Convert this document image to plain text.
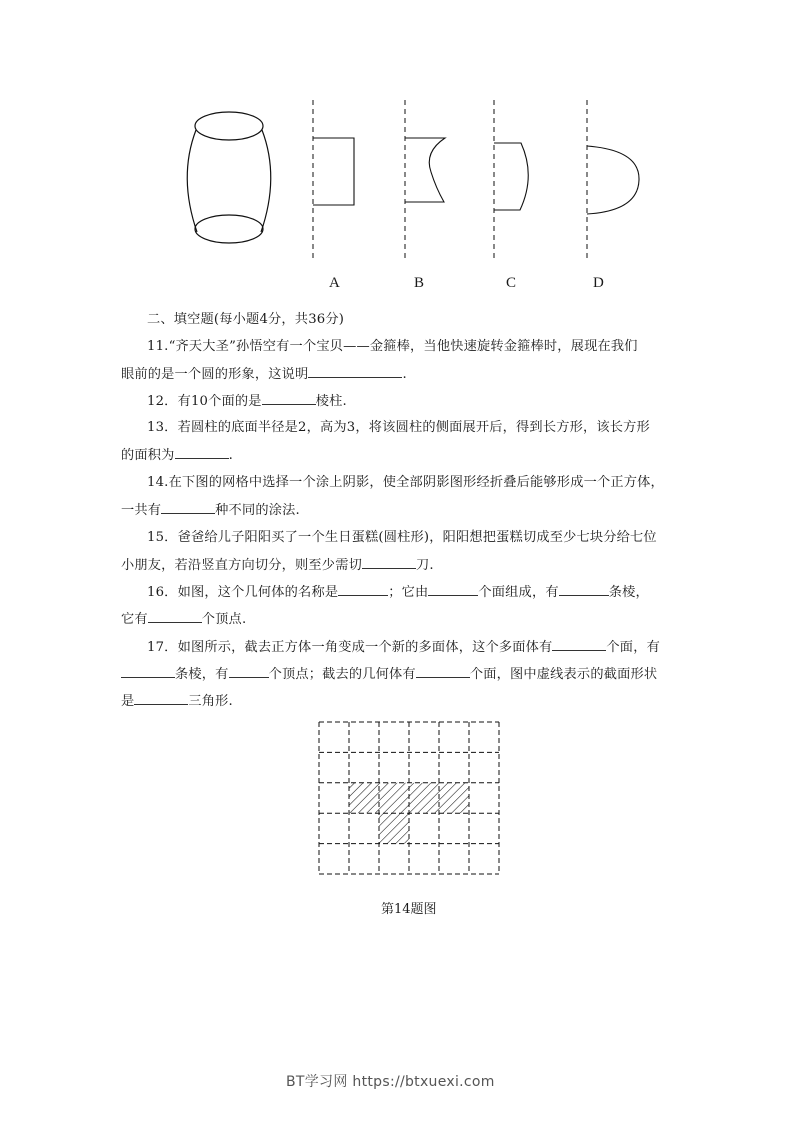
A	B	C	D
二、填空题(每小题4分，共36分)
11.“齐天大圣”孙悟空有一个宝贝——金箍棒，当他快速旋转金箍棒时，展现在我们
眼前的是一个圆的形象，这说明	.
12．有10个面的是	棱柱.
13．若圆柱的底面半径是2，高为3，将该圆柱的侧面展开后，得到长方形，该长方形
的面积为	.
14.在下图的网格中选择一个涂上阴影，使全部阴影图形经折叠后能够形成一个正方体，
一共有	种不同的涂法.
15．爸爸给儿子阳阳买了一个生日蛋糕(圆柱形)，阳阳想把蛋糕切成至少七块分给七位
小朋友，若沿竖直方向切分，则至少需切	刀.
16．如图，这个几何体的名称是	；它由	个面组成，有	条棱，
它有	个顶点.
17．如图所示，截去正方体一角变成一个新的多面体，这个多面体有	个面，有
条棱，有	个顶点；截去的几何体有	个面，图中虚线表示的截面形状
是	三角形.
第14题图
BT学习网 https://btxuexi.com
